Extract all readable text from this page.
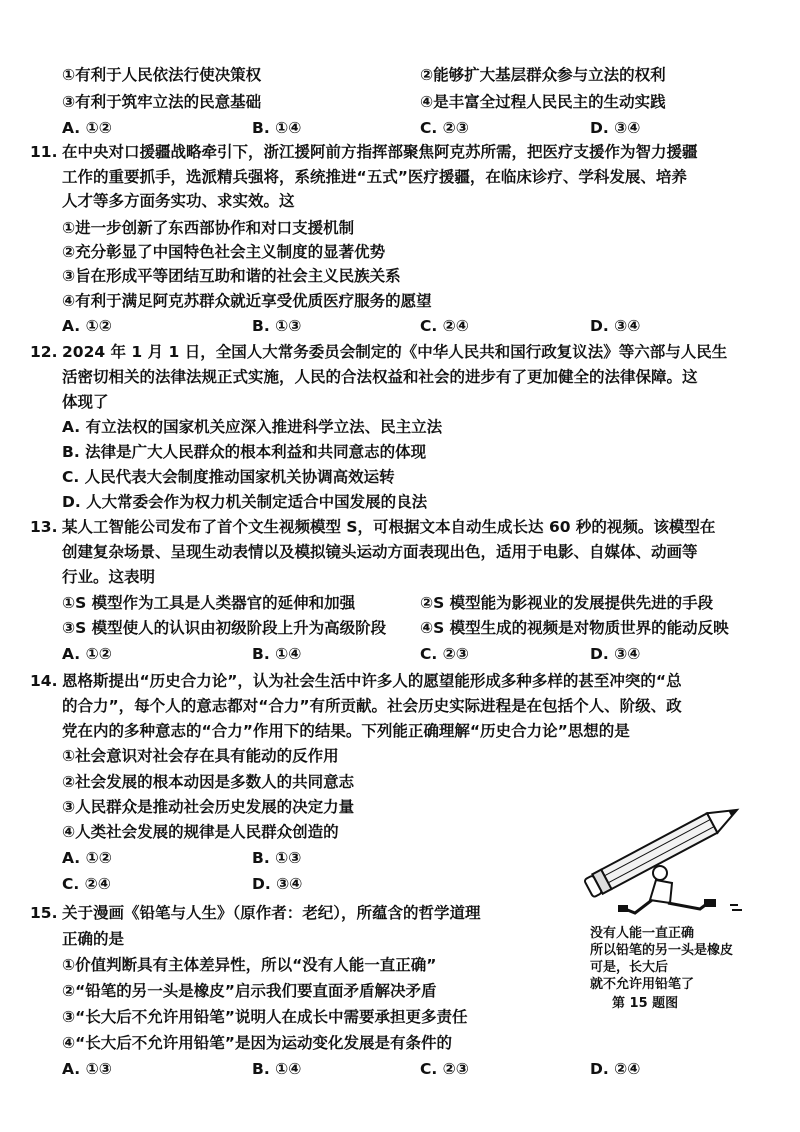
①有利于人民依法行使决策权	②能够扩大基层群众参与立法的权利
③有利于筑牢立法的民意基础	④是丰富全过程人民民主的生动实践
A. ①②	B. ①④	C. ②③	D. ③④
11. 在中央对口援疆战略牵引下，浙江援阿前方指挥部聚焦阿克苏所需，把医疗支援作为智力援疆
工作的重要抓手，选派精兵强将，系统推进“五式”医疗援疆，在临床诊疗、学科发展、培养
人才等多方面务实功、求实效。这
①进一步创新了东西部协作和对口支援机制
②充分彰显了中国特色社会主义制度的显著优势
③旨在形成平等团结互助和谐的社会主义民族关系
④有利于满足阿克苏群众就近享受优质医疗服务的愿望
A. ①②	B. ①③	C. ②④	D. ③④
12. 2024 年 1 月 1 日，全国人大常务委员会制定的《中华人民共和国行政复议法》等六部与人民生
活密切相关的法律法规正式实施，人民的合法权益和社会的进步有了更加健全的法律保障。这
体现了
A. 有立法权的国家机关应深入推进科学立法、民主立法
B. 法律是广大人民群众的根本利益和共同意志的体现
C. 人民代表大会制度推动国家机关协调高效运转
D. 人大常委会作为权力机关制定适合中国发展的良法
13. 某人工智能公司发布了首个文生视频模型 S，可根据文本自动生成长达 60 秒的视频。该模型在
创建复杂场景、呈现生动表情以及模拟镜头运动方面表现出色，适用于电影、自媒体、动画等
行业。这表明
①S 模型作为工具是人类器官的延伸和加强	②S 模型能为影视业的发展提供先进的手段
③S 模型使人的认识由初级阶段上升为高级阶段 ④S 模型生成的视频是对物质世界的能动反映
A. ①②	B. ①④	C. ②③	D. ③④
14. 恩格斯提出“历史合力论”，认为社会生活中许多人的愿望能形成多种多样的甚至冲突的“总
的合力”，每个人的意志都对“合力”有所贡献。社会历史实际进程是在包括个人、阶级、政
党在内的多种意志的“合力”作用下的结果。下列能正确理解“历史合力论”思想的是
①社会意识对社会存在具有能动的反作用
②社会发展的根本动因是多数人的共同意志
③人民群众是推动社会历史发展的决定力量
④人类社会发展的规律是人民群众创造的
A. ①②	B. ①③
C. ②④	D. ③④
没有人能一直正确
所以铅笔的另一头是橡皮
可是，长大后
就不允许用铅笔了
第 15 题图
15. 关于漫画《铅笔与人生》（原作者：老纪），所蕴含的哲学道理
正确的是
①价值判断具有主体差异性，所以“没有人能一直正确”
②“铅笔的另一头是橡皮”启示我们要直面矛盾解决矛盾
③“长大后不允许用铅笔”说明人在成长中需要承担更多责任
④“长大后不允许用铅笔”是因为运动变化发展是有条件的
A. ①③	B. ①④	C. ②③	D. ②④
